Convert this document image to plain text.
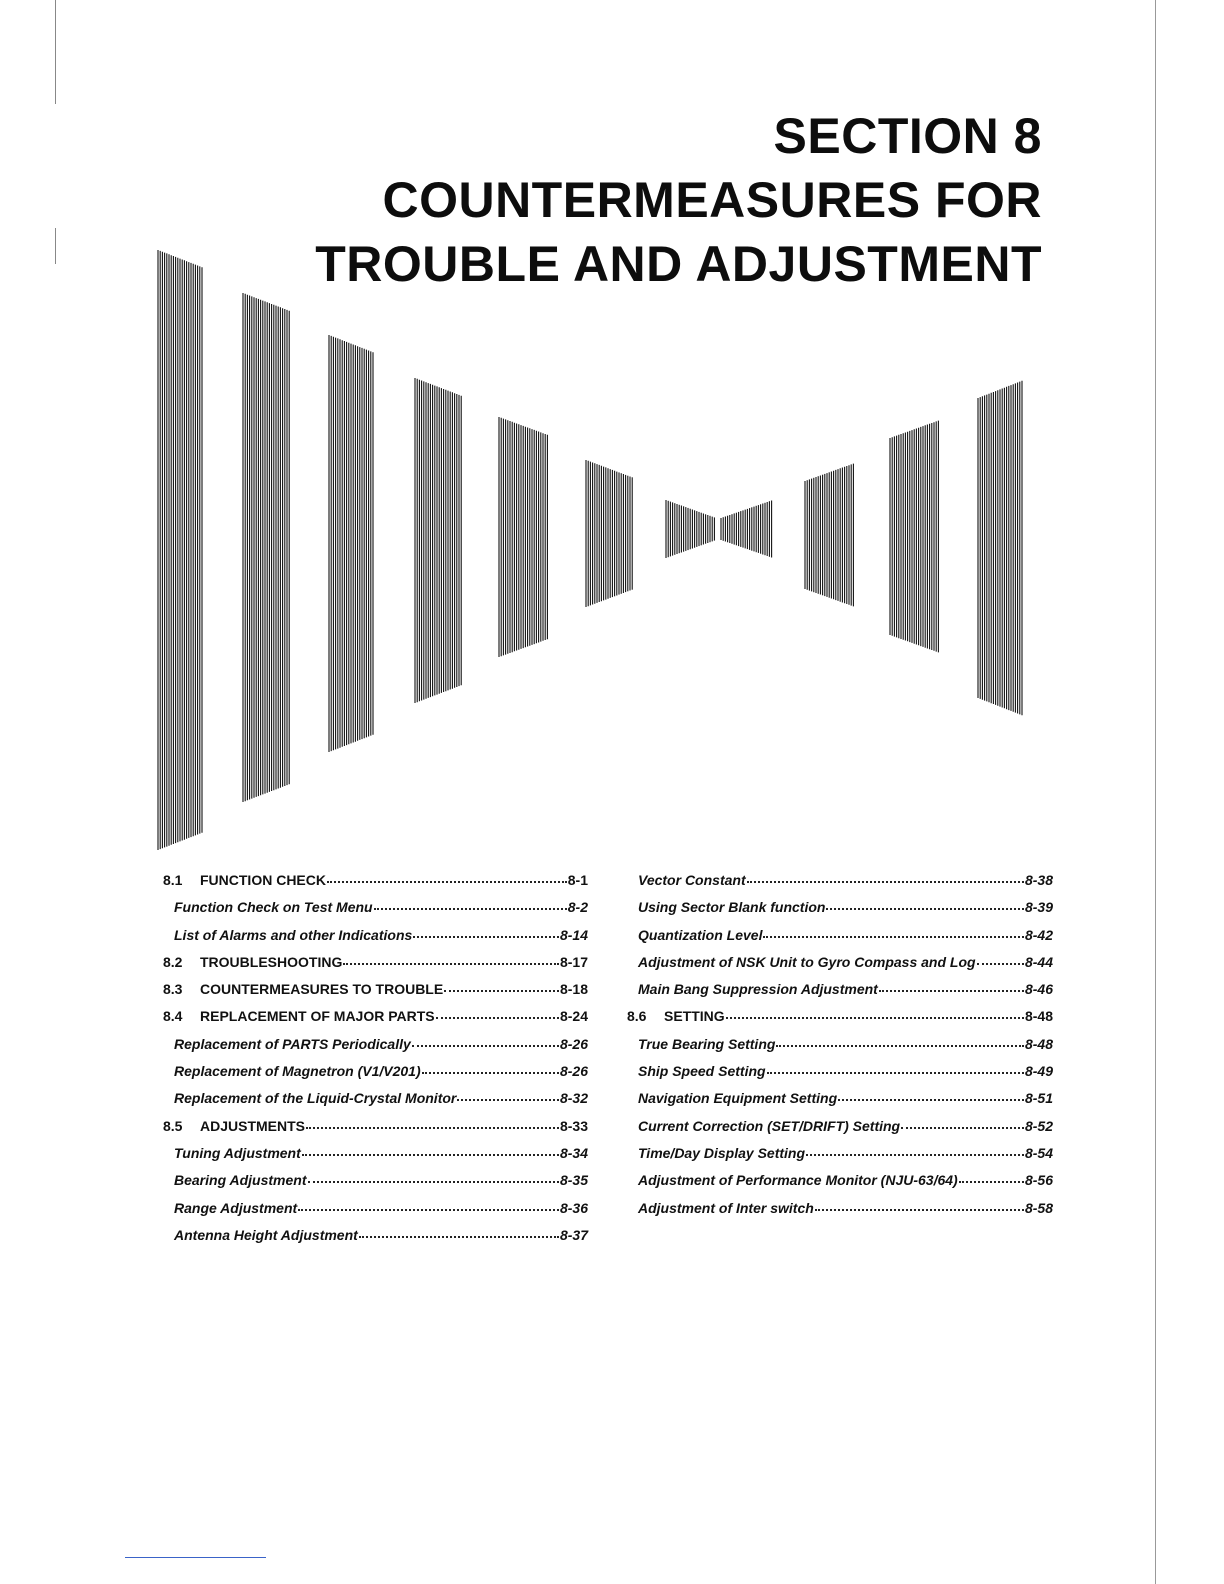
SECTION 8
COUNTERMEASURES FOR
TROUBLE AND ADJUSTMENT
8.1	FUNCTION CHECK	8-1
Function Check on Test Menu	8-2
List of Alarms and other Indications	8-14
8.2	TROUBLESHOOTING	8-17
8.3	COUNTERMEASURES TO TROUBLE	8-18
8.4	REPLACEMENT OF MAJOR PARTS	8-24
Replacement of PARTS Periodically	8-26
Replacement of Magnetron (V1/V201)	8-26
Replacement of the Liquid-Crystal Monitor	8-32
8.5	ADJUSTMENTS	8-33
Tuning Adjustment	8-34
Bearing Adjustment	8-35
Range Adjustment	8-36
Antenna Height Adjustment	8-37
Vector Constant	8-38
Using Sector Blank function	8-39
Quantization Level	8-42
Adjustment of NSK Unit to Gyro Compass and Log	8-44
Main Bang Suppression Adjustment	8-46
8.6	SETTING	8-48
True Bearing Setting	8-48
Ship Speed Setting	8-49
Navigation Equipment Setting	8-51
Current Correction (SET/DRIFT) Setting	8-52
Time/Day Display Setting	8-54
Adjustment of Performance Monitor (NJU-63/64)	8-56
Adjustment of Inter switch	8-58
